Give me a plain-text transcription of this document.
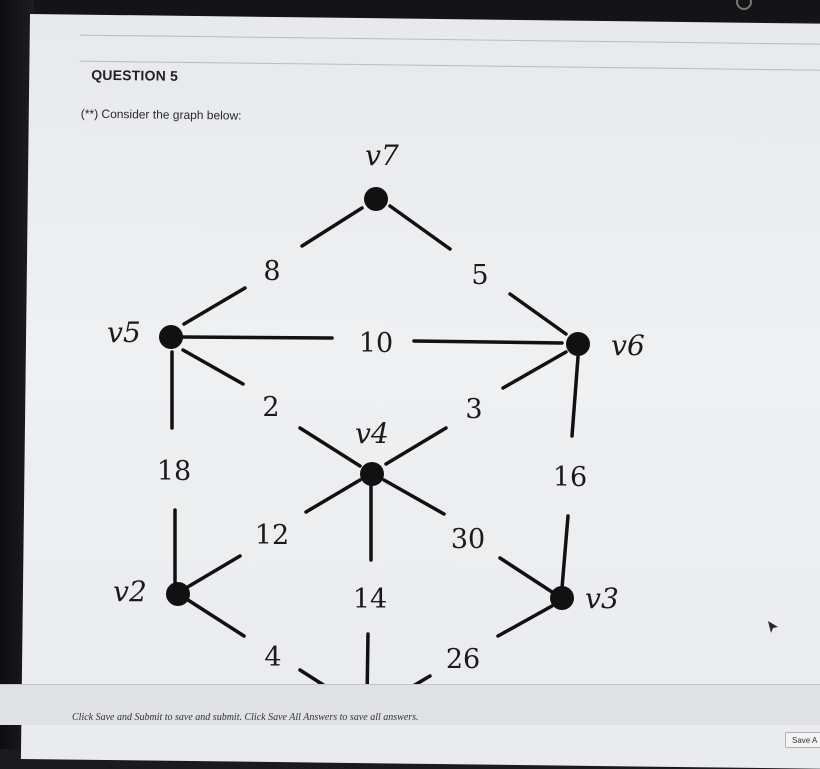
QUESTION 5
(**) Consider the graph below:
v7
v5	v6
v4
v2	v3
8	5
10
2	3
18	16
12	30
14
4	26
Click Save and Submit to save and submit. Click Save All Answers to save all answers.
Save A
